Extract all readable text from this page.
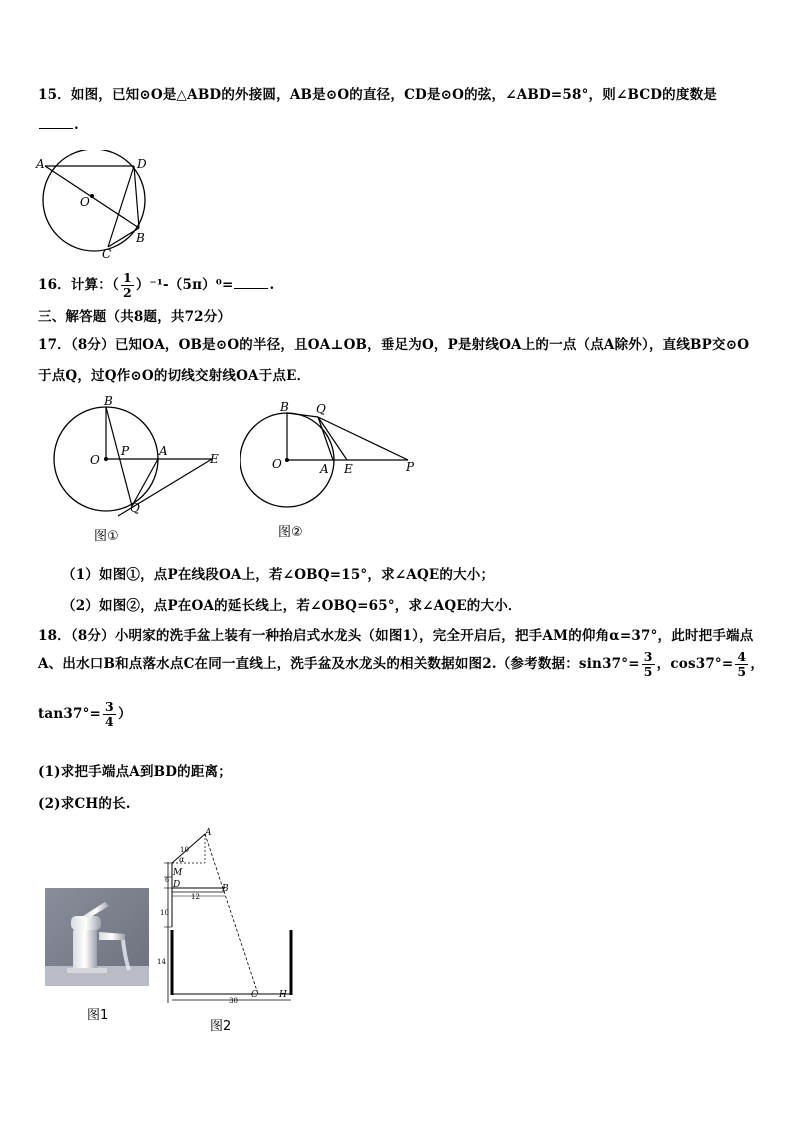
15．如图，已知⊙O是△ABD的外接圆，AB是⊙O的直径，CD是⊙O的弦，∠ABD=58°，则∠BCD的度数是
.
A	D
O
B
C
16．计算：（ $\frac{1}{2} )^{-1}-(5\pi)^0=$	.
三、解答题（共8题，共72分）
17．（8分）已知OA，OB是⊙O的半径，且OA⊥OB，垂足为O，P是射线OA上的一点（点A除外），直线BP交⊙O
于点Q，过Q作⊙O的切线交射线OA于点E．
B
O
P A
E
Q
图①
B Q
O	A E	P
图②
（1）如图①，点P在线段OA上，若∠OBQ=15°，求∠AQE的大小；
（2）如图②，点P在OA的延长线上，若∠OBQ=65°，求∠AQE的大小．
18．（8分）小明家的洗手盆上装有一种抬启式水龙头（如图1），完全开启后，把手AM的仰角α=37°，此时把手端点
A、出水口B和点落水点C在同一直线上，洗手盆及水龙头的相关数据如图2.（参考数据：$\sin 37^\circ= \frac{3}{5}$ ，$\cos 37^\circ= \frac{4}{5}$ ，
$\tan 37^\circ= \frac{3}{4}$ ）
(1)求把手端点A到BD的距离；
(2)求CH的长.
图1
A
10
α
M
6 D	B
12
10
14
30
C H
图2
